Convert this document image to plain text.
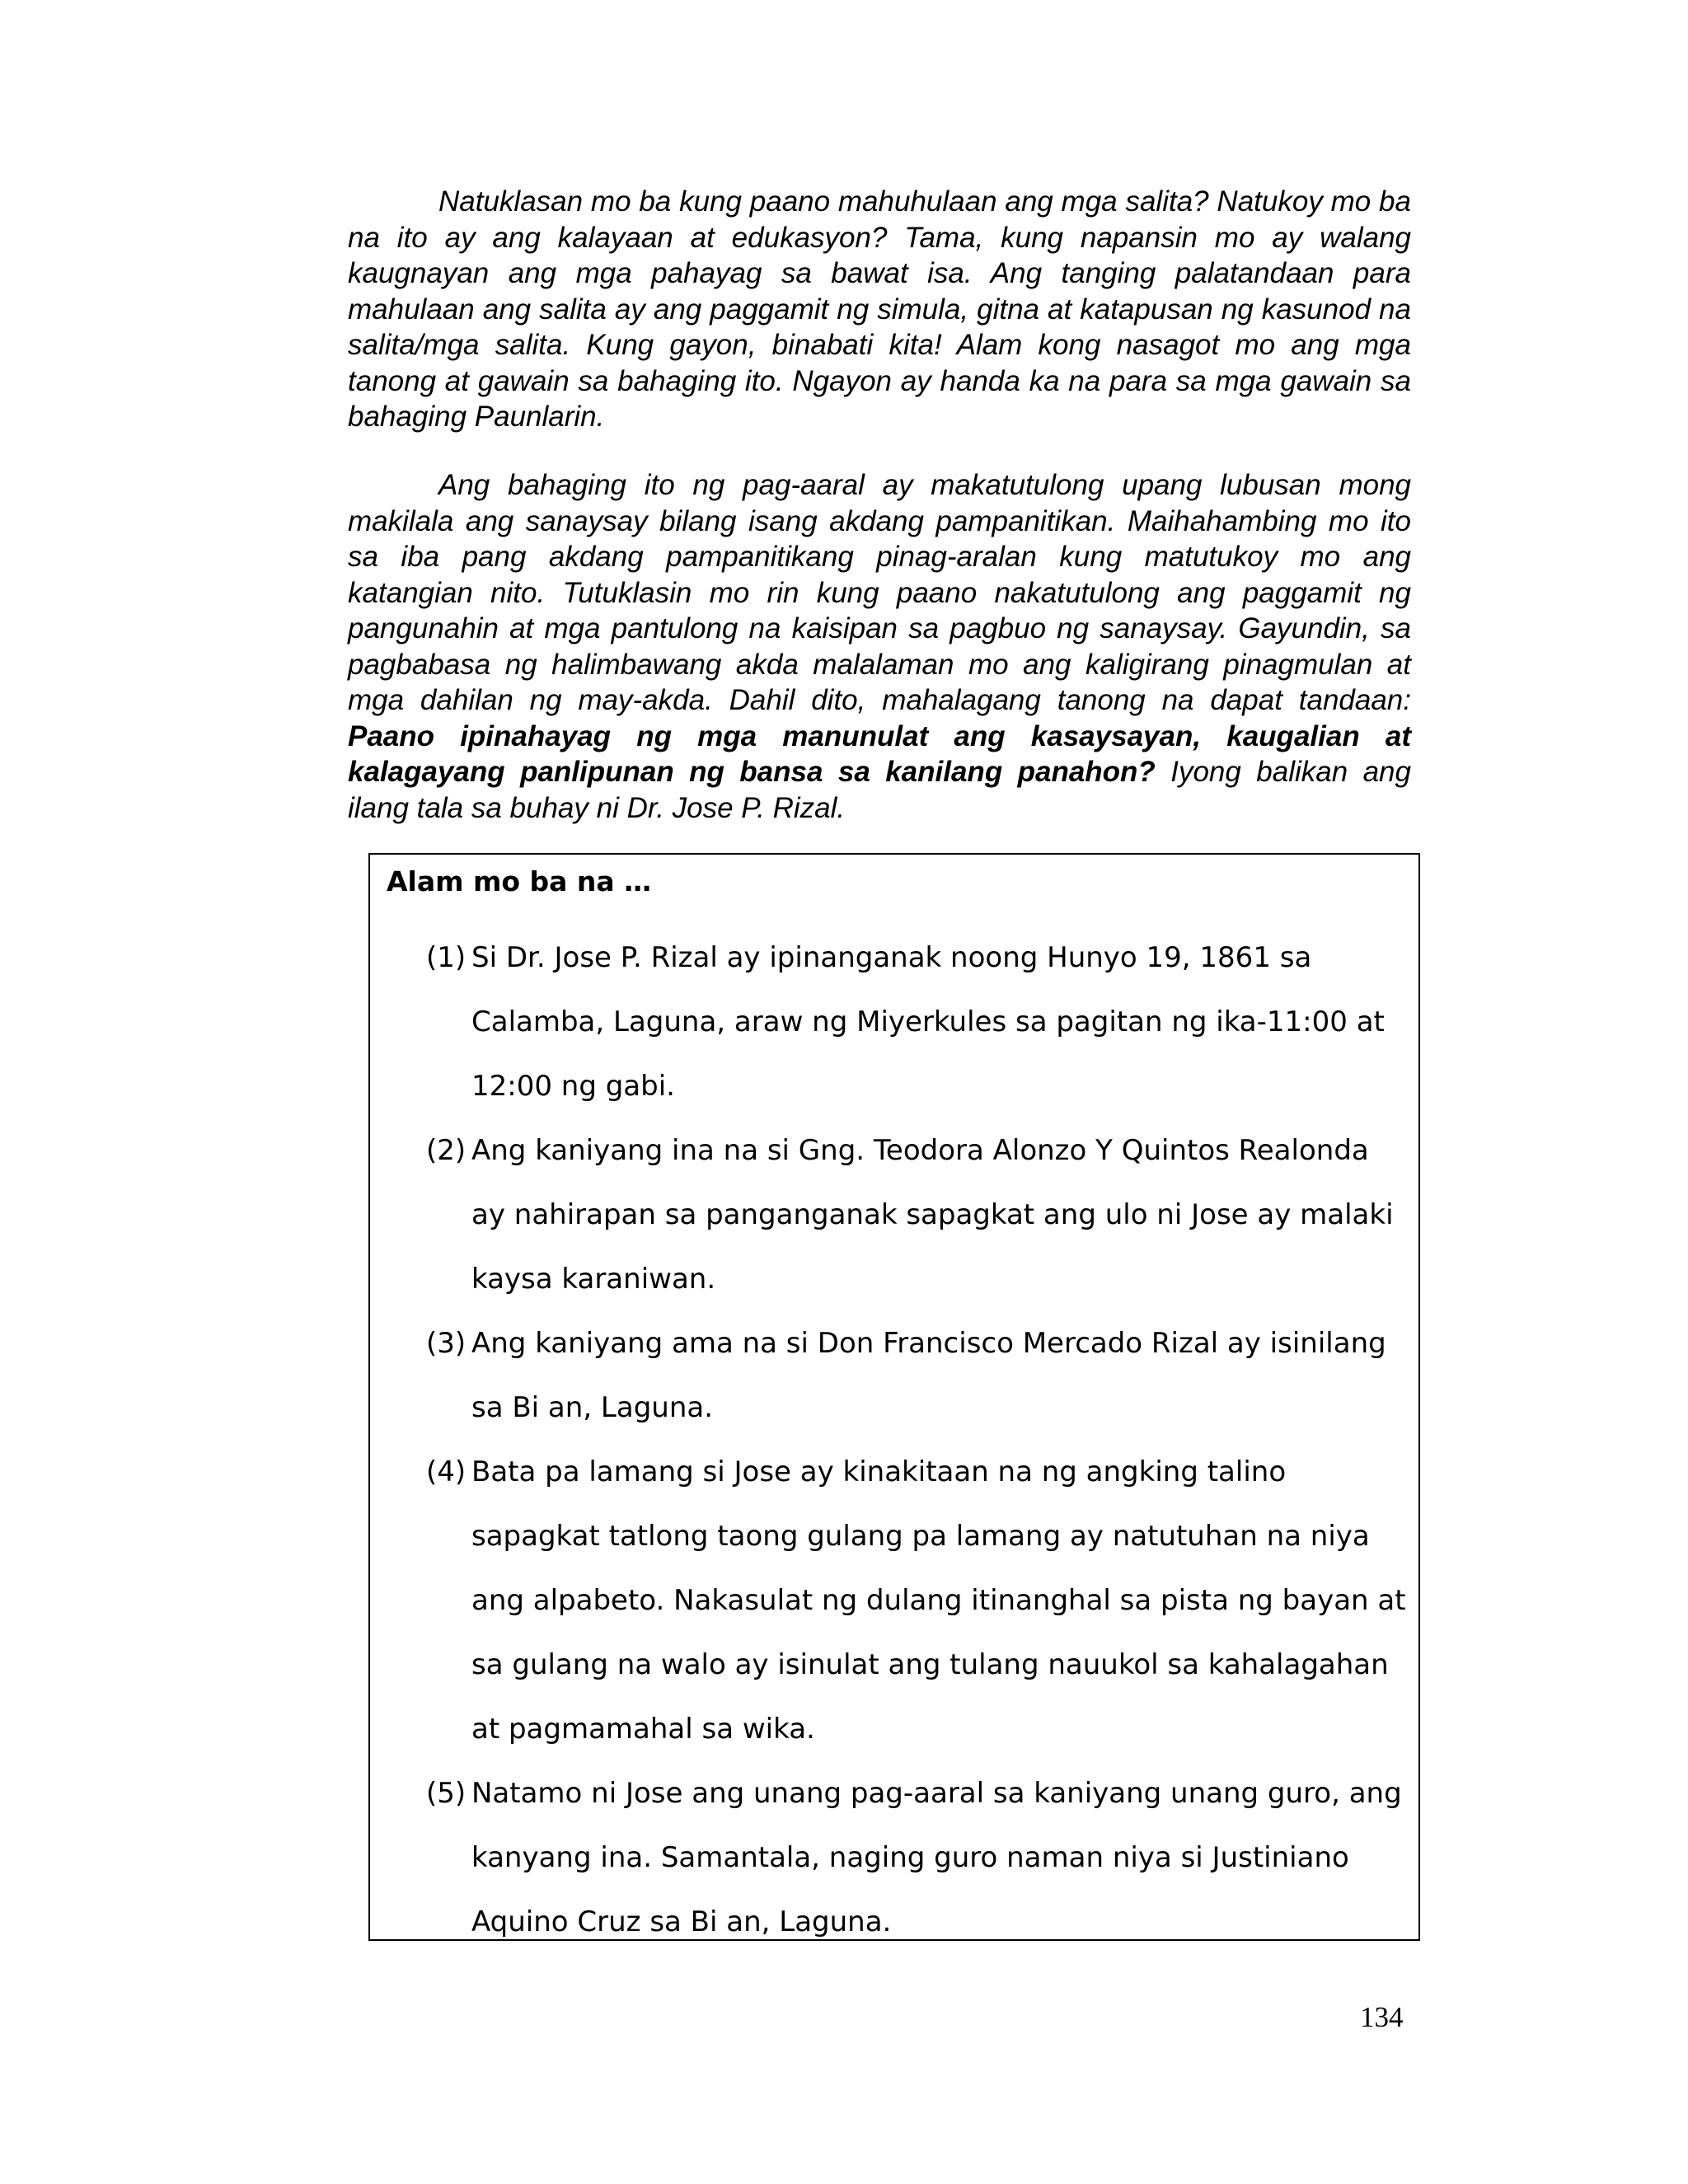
Natuklasan mo ba kung paano mahuhulaan ang mga salita? Natukoy mo ba na ito ay ang kalayaan at edukasyon? Tama, kung napansin mo ay walang kaugnayan ang mga pahayag sa bawat isa. Ang tanging palatandaan para mahulaan ang salita ay ang paggamit ng simula, gitna at katapusan ng kasunod na salita/mga salita. Kung gayon, binabati kita! Alam kong nasagot mo ang mga tanong at gawain sa bahaging ito. Ngayon ay handa ka na para sa mga gawain sa bahaging Paunlarin.

Ang bahaging ito ng pag-aaral ay makatutulong upang lubusan mong makilala ang sanaysay bilang isang akdang pampanitikan. Maihahambing mo ito sa iba pang akdang pampanitikang pinag-aralan kung matutukoy mo ang katangian nito. Tutuklasin mo rin kung paano nakatutulong ang paggamit ng pangunahin at mga pantulong na kaisipan sa pagbuo ng sanaysay. Gayundin, sa pagbabasa ng halimbawang akda malalaman mo ang kaligirang pinagmulan at mga dahilan ng may-akda. Dahil dito, mahalagang tanong na dapat tandaan: Paano ipinahayag ng mga manunulat ang kasaysayan, kaugalian at kalagayang panlipunan ng bansa sa kanilang panahon? Iyong balikan ang ilang tala sa buhay ni Dr. Jose P. Rizal.

Alam mo ba na …
(1) Si Dr. Jose P. Rizal ay ipinanganak noong Hunyo 19, 1861 sa Calamba, Laguna, araw ng Miyerkules sa pagitan ng ika-11:00 at 12:00 ng gabi.
(2) Ang kaniyang ina na si Gng. Teodora Alonzo Y Quintos Realonda ay nahirapan sa panganganak sapagkat ang ulo ni Jose ay malaki kaysa karaniwan.
(3) Ang kaniyang ama na si Don Francisco Mercado Rizal ay isinilang sa Bi an, Laguna.
(4) Bata pa lamang si Jose ay kinakitaan na ng angking talino sapagkat tatlong taong gulang pa lamang ay natutuhan na niya ang alpabeto. Nakasulat ng dulang itinanghal sa pista ng bayan at sa gulang na walo ay isinulat ang tulang nauukol sa kahalagahan at pagmamahal sa wika.
(5) Natamo ni Jose ang unang pag-aaral sa kaniyang unang guro, ang kanyang ina. Samantala, naging guro naman niya si Justiniano Aquino Cruz sa Bi an, Laguna.
134
